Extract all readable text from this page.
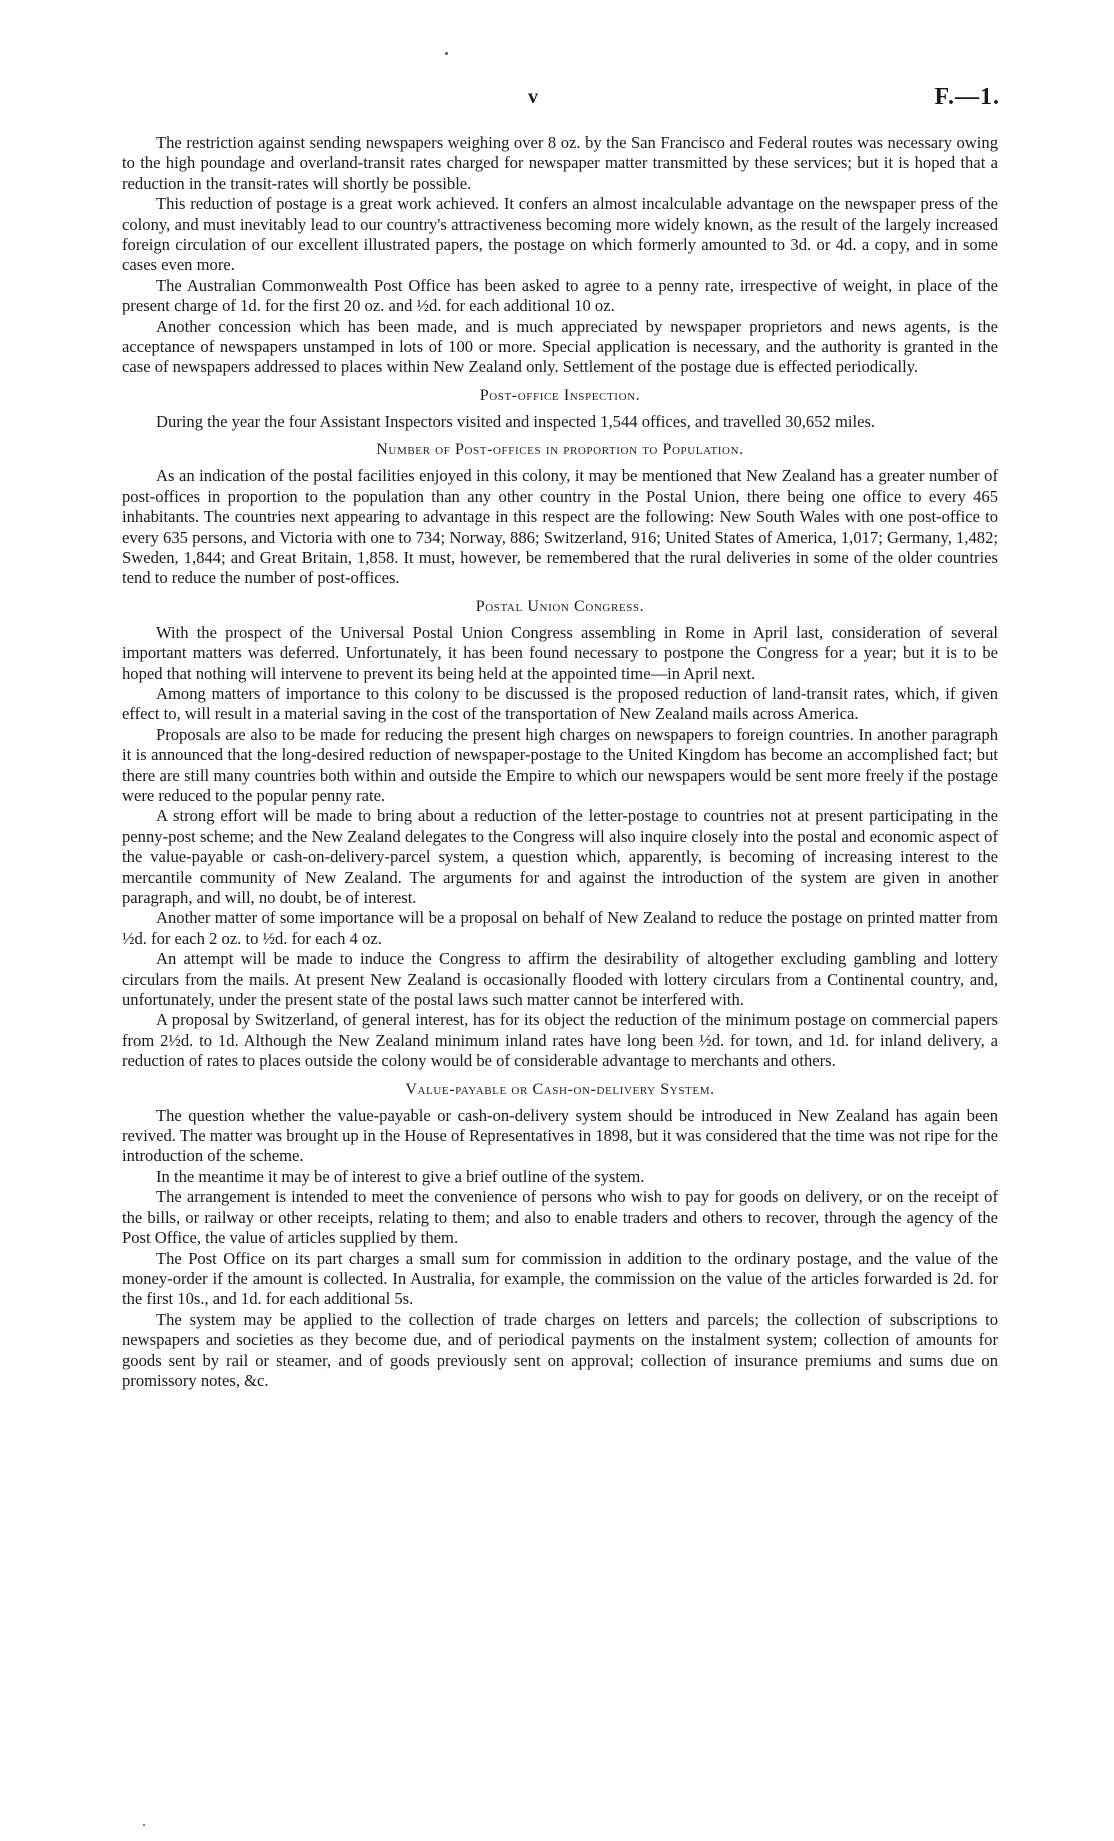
v	F.—1.

The restriction against sending newspapers weighing over 8 oz. by the San Francisco and Federal routes was necessary owing to the high poundage and overland-transit rates charged for newspaper matter transmitted by these services; but it is hoped that a reduction in the transit-rates will shortly be possible.

This reduction of postage is a great work achieved. It confers an almost incalculable advantage on the newspaper press of the colony, and must inevitably lead to our country's attractiveness becoming more widely known, as the result of the largely increased foreign circulation of our excellent illustrated papers, the postage on which formerly amounted to 3d. or 4d. a copy, and in some cases even more.

The Australian Commonwealth Post Office has been asked to agree to a penny rate, irrespective of weight, in place of the present charge of 1d. for the first 20 oz. and ½d. for each additional 10 oz.

Another concession which has been made, and is much appreciated by newspaper proprietors and news agents, is the acceptance of newspapers unstamped in lots of 100 or more. Special application is necessary, and the authority is granted in the case of newspapers addressed to places within New Zealand only. Settlement of the postage due is effected periodically.

Post-office Inspection.

During the year the four Assistant Inspectors visited and inspected 1,544 offices, and travelled 30,652 miles.

Number of Post-offices in proportion to Population.

As an indication of the postal facilities enjoyed in this colony, it may be mentioned that New Zealand has a greater number of post-offices in proportion to the population than any other country in the Postal Union, there being one office to every 465 inhabitants. The countries next appearing to advantage in this respect are the following: New South Wales with one post-office to every 635 persons, and Victoria with one to 734; Norway, 886; Switzerland, 916; United States of America, 1,017; Germany, 1,482; Sweden, 1,844; and Great Britain, 1,858. It must, however, be remembered that the rural deliveries in some of the older countries tend to reduce the number of post-offices.

Postal Union Congress.

With the prospect of the Universal Postal Union Congress assembling in Rome in April last, consideration of several important matters was deferred. Unfortunately, it has been found necessary to postpone the Congress for a year; but it is to be hoped that nothing will intervene to prevent its being held at the appointed time—in April next.

Among matters of importance to this colony to be discussed is the proposed reduction of land-transit rates, which, if given effect to, will result in a material saving in the cost of the transportation of New Zealand mails across America.

Proposals are also to be made for reducing the present high charges on newspapers to foreign countries. In another paragraph it is announced that the long-desired reduction of newspaper-postage to the United Kingdom has become an accomplished fact; but there are still many countries both within and outside the Empire to which our newspapers would be sent more freely if the postage were reduced to the popular penny rate.

A strong effort will be made to bring about a reduction of the letter-postage to countries not at present participating in the penny-post scheme; and the New Zealand delegates to the Congress will also inquire closely into the postal and economic aspect of the value-payable or cash-on-delivery-parcel system, a question which, apparently, is becoming of increasing interest to the mercantile community of New Zealand. The arguments for and against the introduction of the system are given in another paragraph, and will, no doubt, be of interest.

Another matter of some importance will be a proposal on behalf of New Zealand to reduce the postage on printed matter from ½d. for each 2 oz. to ½d. for each 4 oz.

An attempt will be made to induce the Congress to affirm the desirability of altogether excluding gambling and lottery circulars from the mails. At present New Zealand is occasionally flooded with lottery circulars from a Continental country, and, unfortunately, under the present state of the postal laws such matter cannot be interfered with.

A proposal by Switzerland, of general interest, has for its object the reduction of the minimum postage on commercial papers from 2½d. to 1d. Although the New Zealand minimum inland rates have long been ½d. for town, and 1d. for inland delivery, a reduction of rates to places outside the colony would be of considerable advantage to merchants and others.

Value-payable or Cash-on-delivery System.

The question whether the value-payable or cash-on-delivery system should be introduced in New Zealand has again been revived. The matter was brought up in the House of Representatives in 1898, but it was considered that the time was not ripe for the introduction of the scheme.

In the meantime it may be of interest to give a brief outline of the system.

The arrangement is intended to meet the convenience of persons who wish to pay for goods on delivery, or on the receipt of the bills, or railway or other receipts, relating to them; and also to enable traders and others to recover, through the agency of the Post Office, the value of articles supplied by them.

The Post Office on its part charges a small sum for commission in addition to the ordinary postage, and the value of the money-order if the amount is collected. In Australia, for example, the commission on the value of the articles forwarded is 2d. for the first 10s., and 1d. for each additional 5s.

The system may be applied to the collection of trade charges on letters and parcels; the collection of subscriptions to newspapers and societies as they become due, and of periodical payments on the instalment system; collection of amounts for goods sent by rail or steamer, and of goods previously sent on approval; collection of insurance premiums and sums due on promissory notes, &c.
